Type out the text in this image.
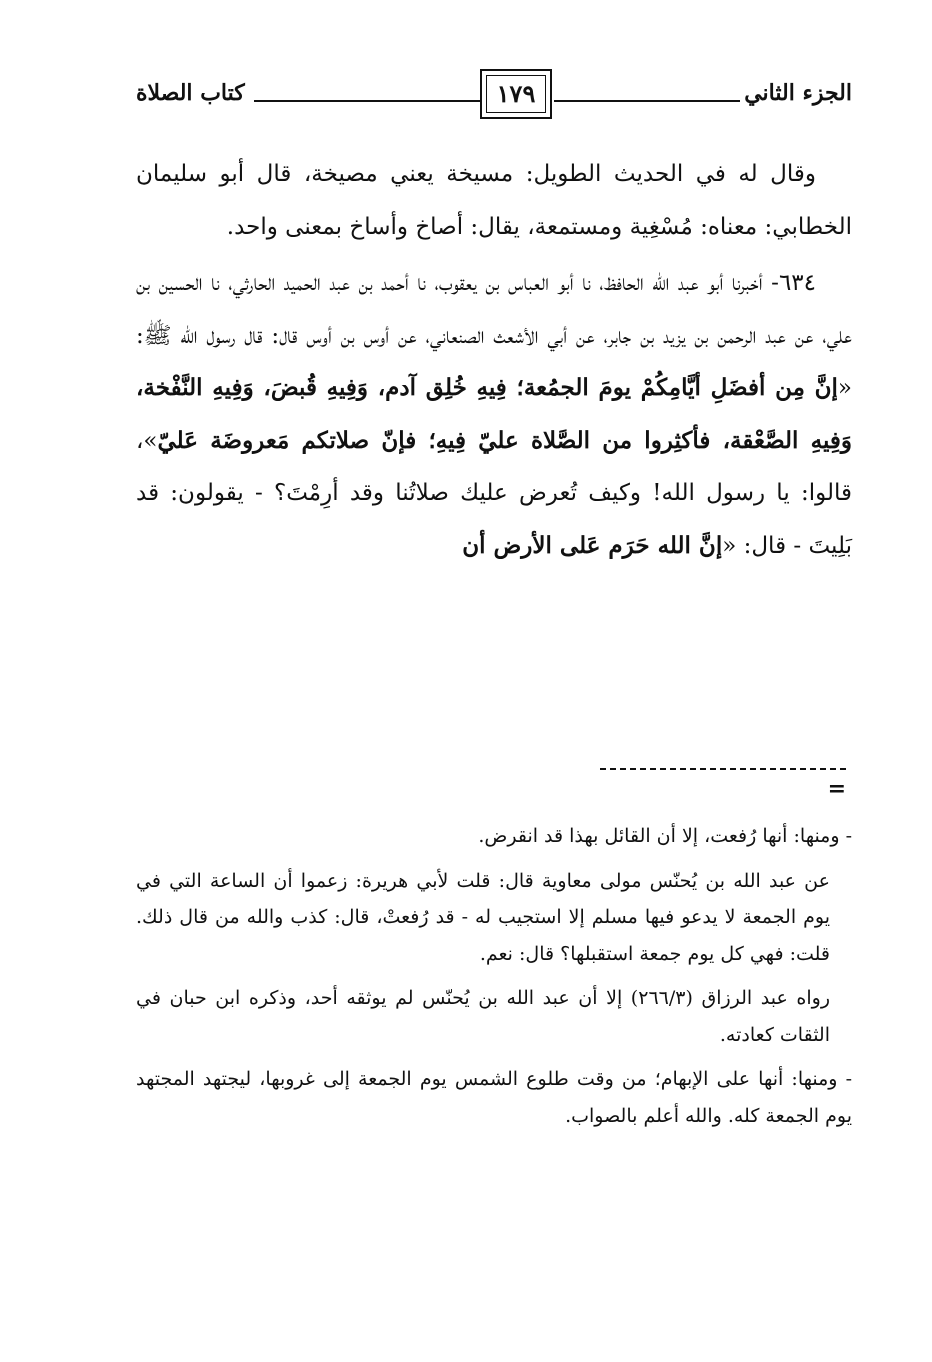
الجزء الثاني
١٧٩
كتاب الصلاة

وقال له في الحديث الطويل: مسيخة يعني مصيخة، قال أبو سليمان الخطابي: معناه: مُسْغِية ومستمعة، يقال: أصاخ وأساخ بمعنى واحد.

٦٣٤- أخبرنا أبو عبد الله الحافظ، نا أبو العباس بن يعقوب، نا أحمد بن عبد الحميد الحارثي، نا الحسين بن علي، عن عبد الرحمن بن يزيد بن جابر، عن أبي الأشعث الصنعاني، عن أوس بن أوس قال: قال رسول الله ﷺ: «إنَّ مِن أفضَلِ أيَّامِكُمْ يومَ الجمُعة؛ فِيهِ خُلِق آدم، وَفِيهِ قُبضَ، وَفِيهِ النَّفْخة، وَفِيهِ الصَّعْقة، فأكثِروا من الصَّلاة عليّ فِيهِ؛ فإنّ صلاتكم مَعروضَة عَليّ»، قالوا: يا رسول الله! وكيف تُعرض عليك صلاتُنا وقد أرِمْتَ؟ - يقولون: قد بَلِيتَ - قال: «إنَّ الله حَرَم عَلى الأرض أن

=

- ومنها: أنها رُفعت، إلا أن القائل بهذا قد انقرض.

عن عبد الله بن يُحنّس مولى معاوية قال: قلت لأبي هريرة: زعموا أن الساعة التي في يوم الجمعة لا يدعو فيها مسلم إلا استجيب له - قد رُفعتْ، قال: كذب والله من قال ذلك. قلت: فهي كل يوم جمعة استقبلها؟ قال: نعم.

رواه عبد الرزاق (٢٦٦/٣) إلا أن عبد الله بن يُحنّس لم يوثقه أحد، وذكره ابن حبان في الثقات كعادته.

- ومنها: أنها على الإبهام؛ من وقت طلوع الشمس يوم الجمعة إلى غروبها، ليجتهد المجتهد يوم الجمعة كله. والله أعلم بالصواب.
